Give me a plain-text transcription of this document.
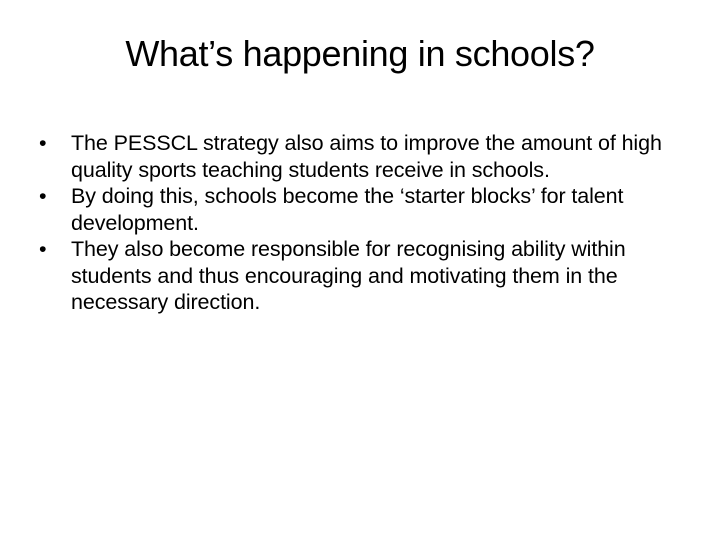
What’s happening in schools?
•	The PESSCL strategy also aims to improve the amount of high quality sports teaching students receive in schools.
•	By doing this, schools become the ‘starter blocks’ for talent development.
•	They also become responsible for recognising ability within students and thus encouraging and motivating them in the necessary direction.
